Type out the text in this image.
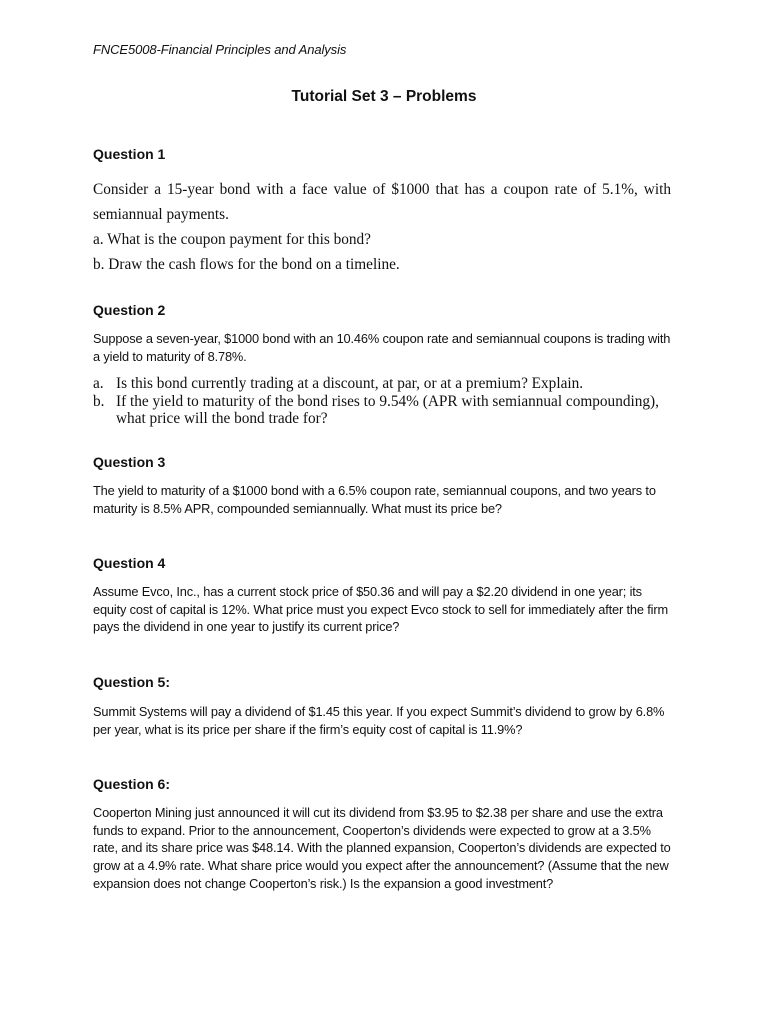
FNCE5008-Financial Principles and Analysis
Tutorial Set 3 – Problems
Question 1
Consider a 15-year bond with a face value of $1000 that has a coupon rate of 5.1%, with semiannual payments.
a. What is the coupon payment for this bond?
b. Draw the cash flows for the bond on a timeline.
Question 2
Suppose a seven-year, $1000 bond with an 10.46% coupon rate and semiannual coupons is trading with a yield to maturity of 8.78%.
a. Is this bond currently trading at a discount, at par, or at a premium? Explain.
b. If the yield to maturity of the bond rises to 9.54% (APR with semiannual compounding), what price will the bond trade for?
Question 3
The yield to maturity of a $1000 bond with a 6.5% coupon rate, semiannual coupons, and two years to maturity is 8.5% APR, compounded semiannually. What must its price be?
Question 4
Assume Evco, Inc., has a current stock price of $50.36 and will pay a $2.20 dividend in one year; its equity cost of capital is 12%. What price must you expect Evco stock to sell for immediately after the firm pays the dividend in one year to justify its current price?
Question 5:
Summit Systems will pay a dividend of $1.45 this year. If you expect Summit’s dividend to grow by 6.8% per year, what is its price per share if the firm’s equity cost of capital is 11.9%?
Question 6:
Cooperton Mining just announced it will cut its dividend from $3.95 to $2.38 per share and use the extra funds to expand. Prior to the announcement, Cooperton’s dividends were expected to grow at a 3.5% rate, and its share price was $48.14. With the planned expansion, Cooperton’s dividends are expected to grow at a 4.9% rate. What share price would you expect after the announcement? (Assume that the new expansion does not change Cooperton’s risk.) Is the expansion a good investment?
